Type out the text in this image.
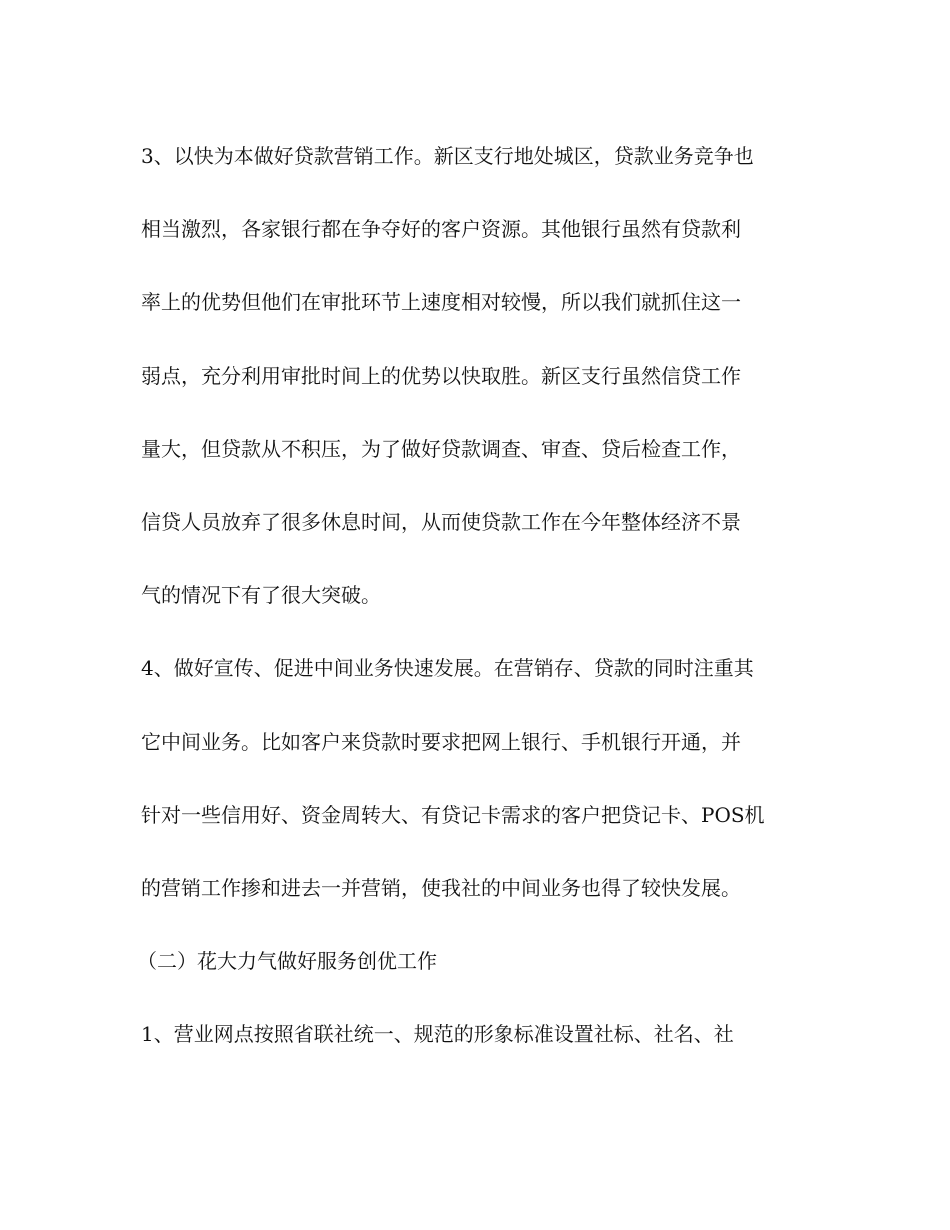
3、以快为本做好贷款营销工作。新区支行地处城区，贷款业务竞争也

相当激烈，各家银行都在争夺好的客户资源。其他银行虽然有贷款利

率上的优势但他们在审批环节上速度相对较慢，所以我们就抓住这一

弱点，充分利用审批时间上的优势以快取胜。新区支行虽然信贷工作

量大，但贷款从不积压，为了做好贷款调查、审查、贷后检查工作，

信贷人员放弃了很多休息时间，从而使贷款工作在今年整体经济不景

气的情况下有了很大突破。

4、做好宣传、促进中间业务快速发展。在营销存、贷款的同时注重其

它中间业务。比如客户来贷款时要求把网上银行、手机银行开通，并

针对一些信用好、资金周转大、有贷记卡需求的客户把贷记卡、POS机

的营销工作掺和进去一并营销，使我社的中间业务也得了较快发展。

（二）花大力气做好服务创优工作

1、营业网点按照省联社统一、规范的形象标准设置社标、社名、社
